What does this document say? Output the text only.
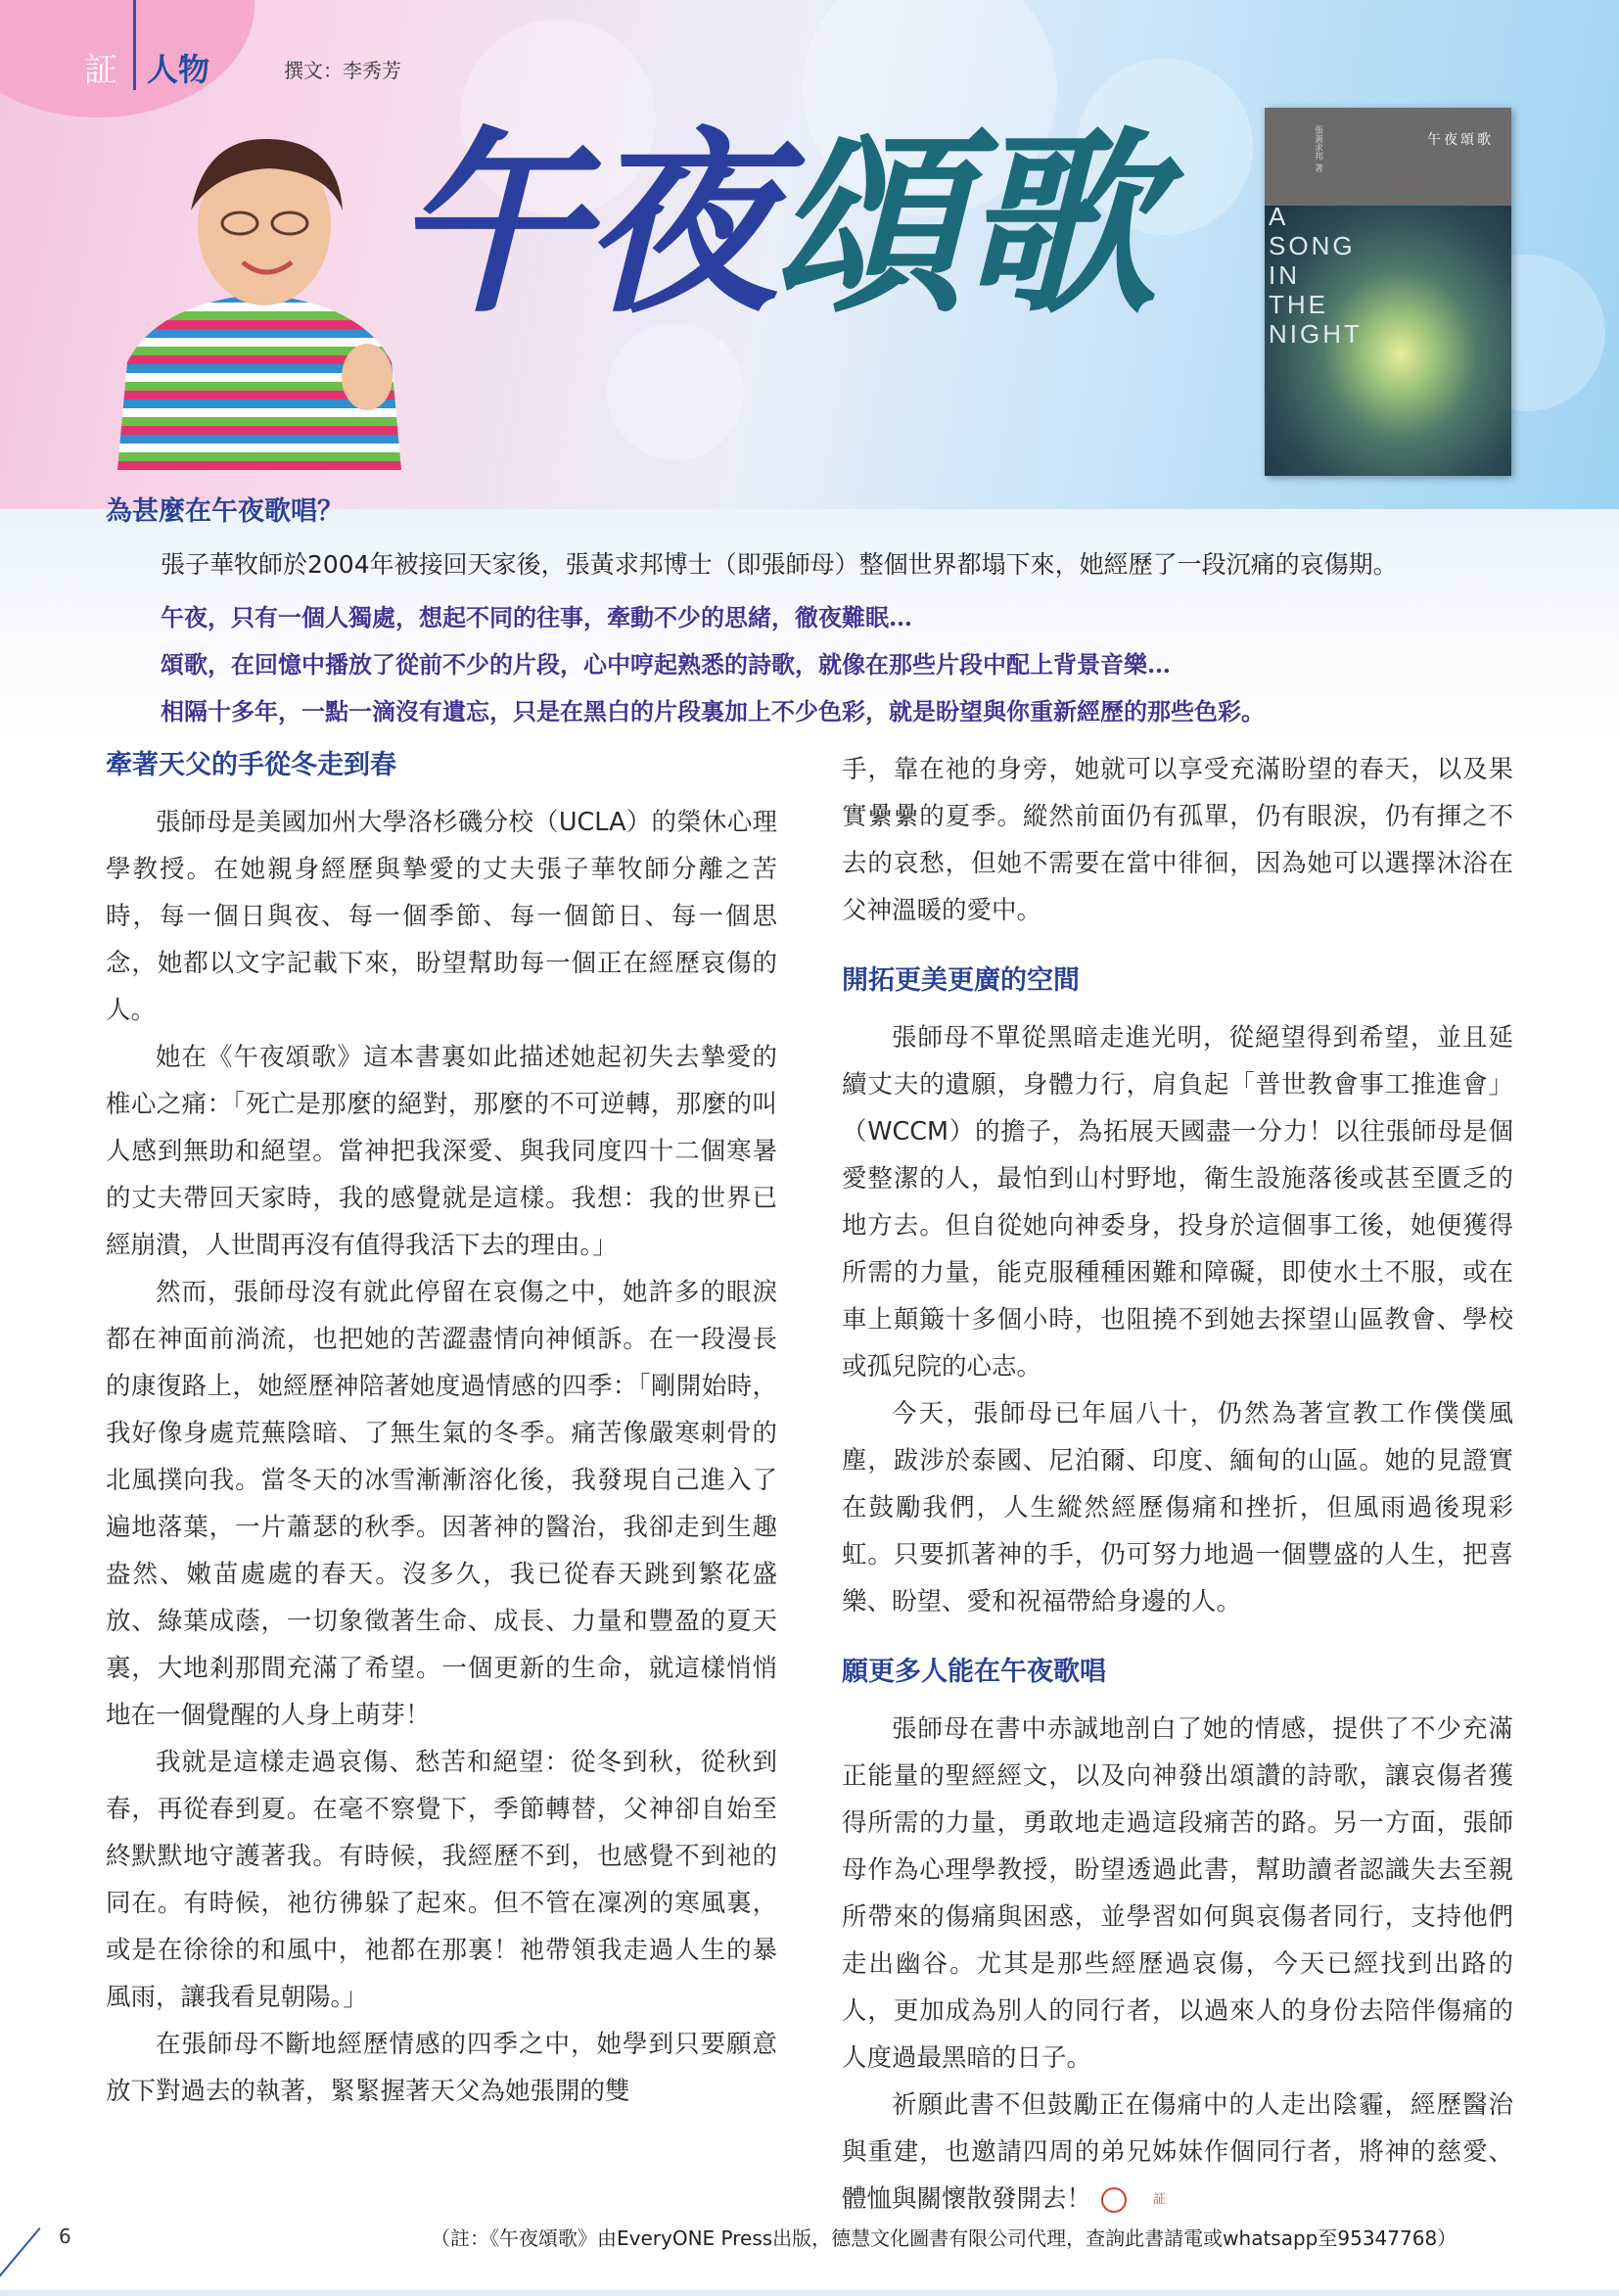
証 人物	撰文：李秀芳
午夜頌歌	午夜頌歌
張黃求邦 著
A
SONG
IN
THE
NIGHT
為甚麼在午夜歌唱？

張子華牧師於2004年被接回天家後，張黃求邦博士（即張師母）整個世界都塌下來，她經歷了一段沉痛的哀傷期。

午夜，只有一個人獨處，想起不同的往事，牽動不少的思緒，徹夜難眠…

頌歌，在回憶中播放了從前不少的片段，心中哼起熟悉的詩歌，就像在那些片段中配上背景音樂…

相隔十多年，一點一滴沒有遺忘，只是在黑白的片段裏加上不少色彩，就是盼望與你重新經歷的那些色彩。

牽著天父的手從冬走到春

張師母是美國加州大學洛杉磯分校（UCLA）的榮休心理學教授。在她親身經歷與摯愛的丈夫張子華牧師分離之苦時，每一個日與夜、每一個季節、每一個節日、每一個思念，她都以文字記載下來，盼望幫助每一個正在經歷哀傷的人。

她在《午夜頌歌》這本書裏如此描述她起初失去摯愛的椎心之痛：「死亡是那麼的絕對，那麼的不可逆轉，那麼的叫人感到無助和絕望。當神把我深愛、與我同度四十二個寒暑的丈夫帶回天家時，我的感覺就是這樣。我想：我的世界已經崩潰，人世間再沒有值得我活下去的理由。」

然而，張師母沒有就此停留在哀傷之中，她許多的眼淚都在神面前淌流，也把她的苦澀盡情向神傾訴。在一段漫長的康復路上，她經歷神陪著她度過情感的四季：「剛開始時，我好像身處荒蕪陰暗、了無生氣的冬季。痛苦像嚴寒刺骨的北風撲向我。當冬天的冰雪漸漸溶化後，我發現自己進入了遍地落葉，一片蕭瑟的秋季。因著神的醫治，我卻走到生趣盎然、嫩苗處處的春天。沒多久，我已從春天跳到繁花盛放、綠葉成蔭，一切象徵著生命、成長、力量和豐盈的夏天裏，大地剎那間充滿了希望。一個更新的生命，就這樣悄悄地在一個覺醒的人身上萌芽！

我就是這樣走過哀傷、愁苦和絕望：從冬到秋，從秋到春，再從春到夏。在毫不察覺下，季節轉替，父神卻自始至終默默地守護著我。有時候，我經歷不到，也感覺不到祂的同在。有時候，祂彷彿躲了起來。但不管在凜冽的寒風裏，或是在徐徐的和風中，祂都在那裏！祂帶領我走過人生的暴風雨，讓我看見朝陽。」

在張師母不斷地經歷情感的四季之中，她學到只要願意放下對過去的執著，緊緊握著天父為她張開的雙

手，靠在祂的身旁，她就可以享受充滿盼望的春天，以及果實纍纍的夏季。縱然前面仍有孤單，仍有眼淚，仍有揮之不去的哀愁，但她不需要在當中徘徊，因為她可以選擇沐浴在父神溫暖的愛中。

開拓更美更廣的空間

張師母不單從黑暗走進光明，從絕望得到希望，並且延續丈夫的遺願，身體力行，肩負起「普世教會事工推進會」（WCCM）的擔子，為拓展天國盡一分力！以往張師母是個愛整潔的人，最怕到山村野地，衛生設施落後或甚至匱乏的地方去。但自從她向神委身，投身於這個事工後，她便獲得所需的力量，能克服種種困難和障礙，即使水土不服，或在車上顛簸十多個小時，也阻撓不到她去探望山區教會、學校或孤兒院的心志。

今天，張師母已年屆八十，仍然為著宣教工作僕僕風塵，跋涉於泰國、尼泊爾、印度、緬甸的山區。她的見證實在鼓勵我們，人生縱然經歷傷痛和挫折，但風雨過後現彩虹。只要抓著神的手，仍可努力地過一個豐盛的人生，把喜樂、盼望、愛和祝福帶給身邊的人。

願更多人能在午夜歌唱

張師母在書中赤誠地剖白了她的情感，提供了不少充滿正能量的聖經經文，以及向神發出頌讚的詩歌，讓哀傷者獲得所需的力量，勇敢地走過這段痛苦的路。另一方面，張師母作為心理學教授，盼望透過此書，幫助讀者認識失去至親所帶來的傷痛與困惑，並學習如何與哀傷者同行，支持他們走出幽谷。尤其是那些經歷過哀傷，今天已經找到出路的人，更加成為別人的同行者，以過來人的身份去陪伴傷痛的人度過最黑暗的日子。

祈願此書不但鼓勵正在傷痛中的人走出陰霾，經歷醫治與重建，也邀請四周的弟兄姊妹作個同行者，將神的慈愛、體恤與關懷散發開去！	証

6	（註：《午夜頌歌》由EveryONE Press出版，德慧文化圖書有限公司代理，查詢此書請電或whatsapp至95347768）
